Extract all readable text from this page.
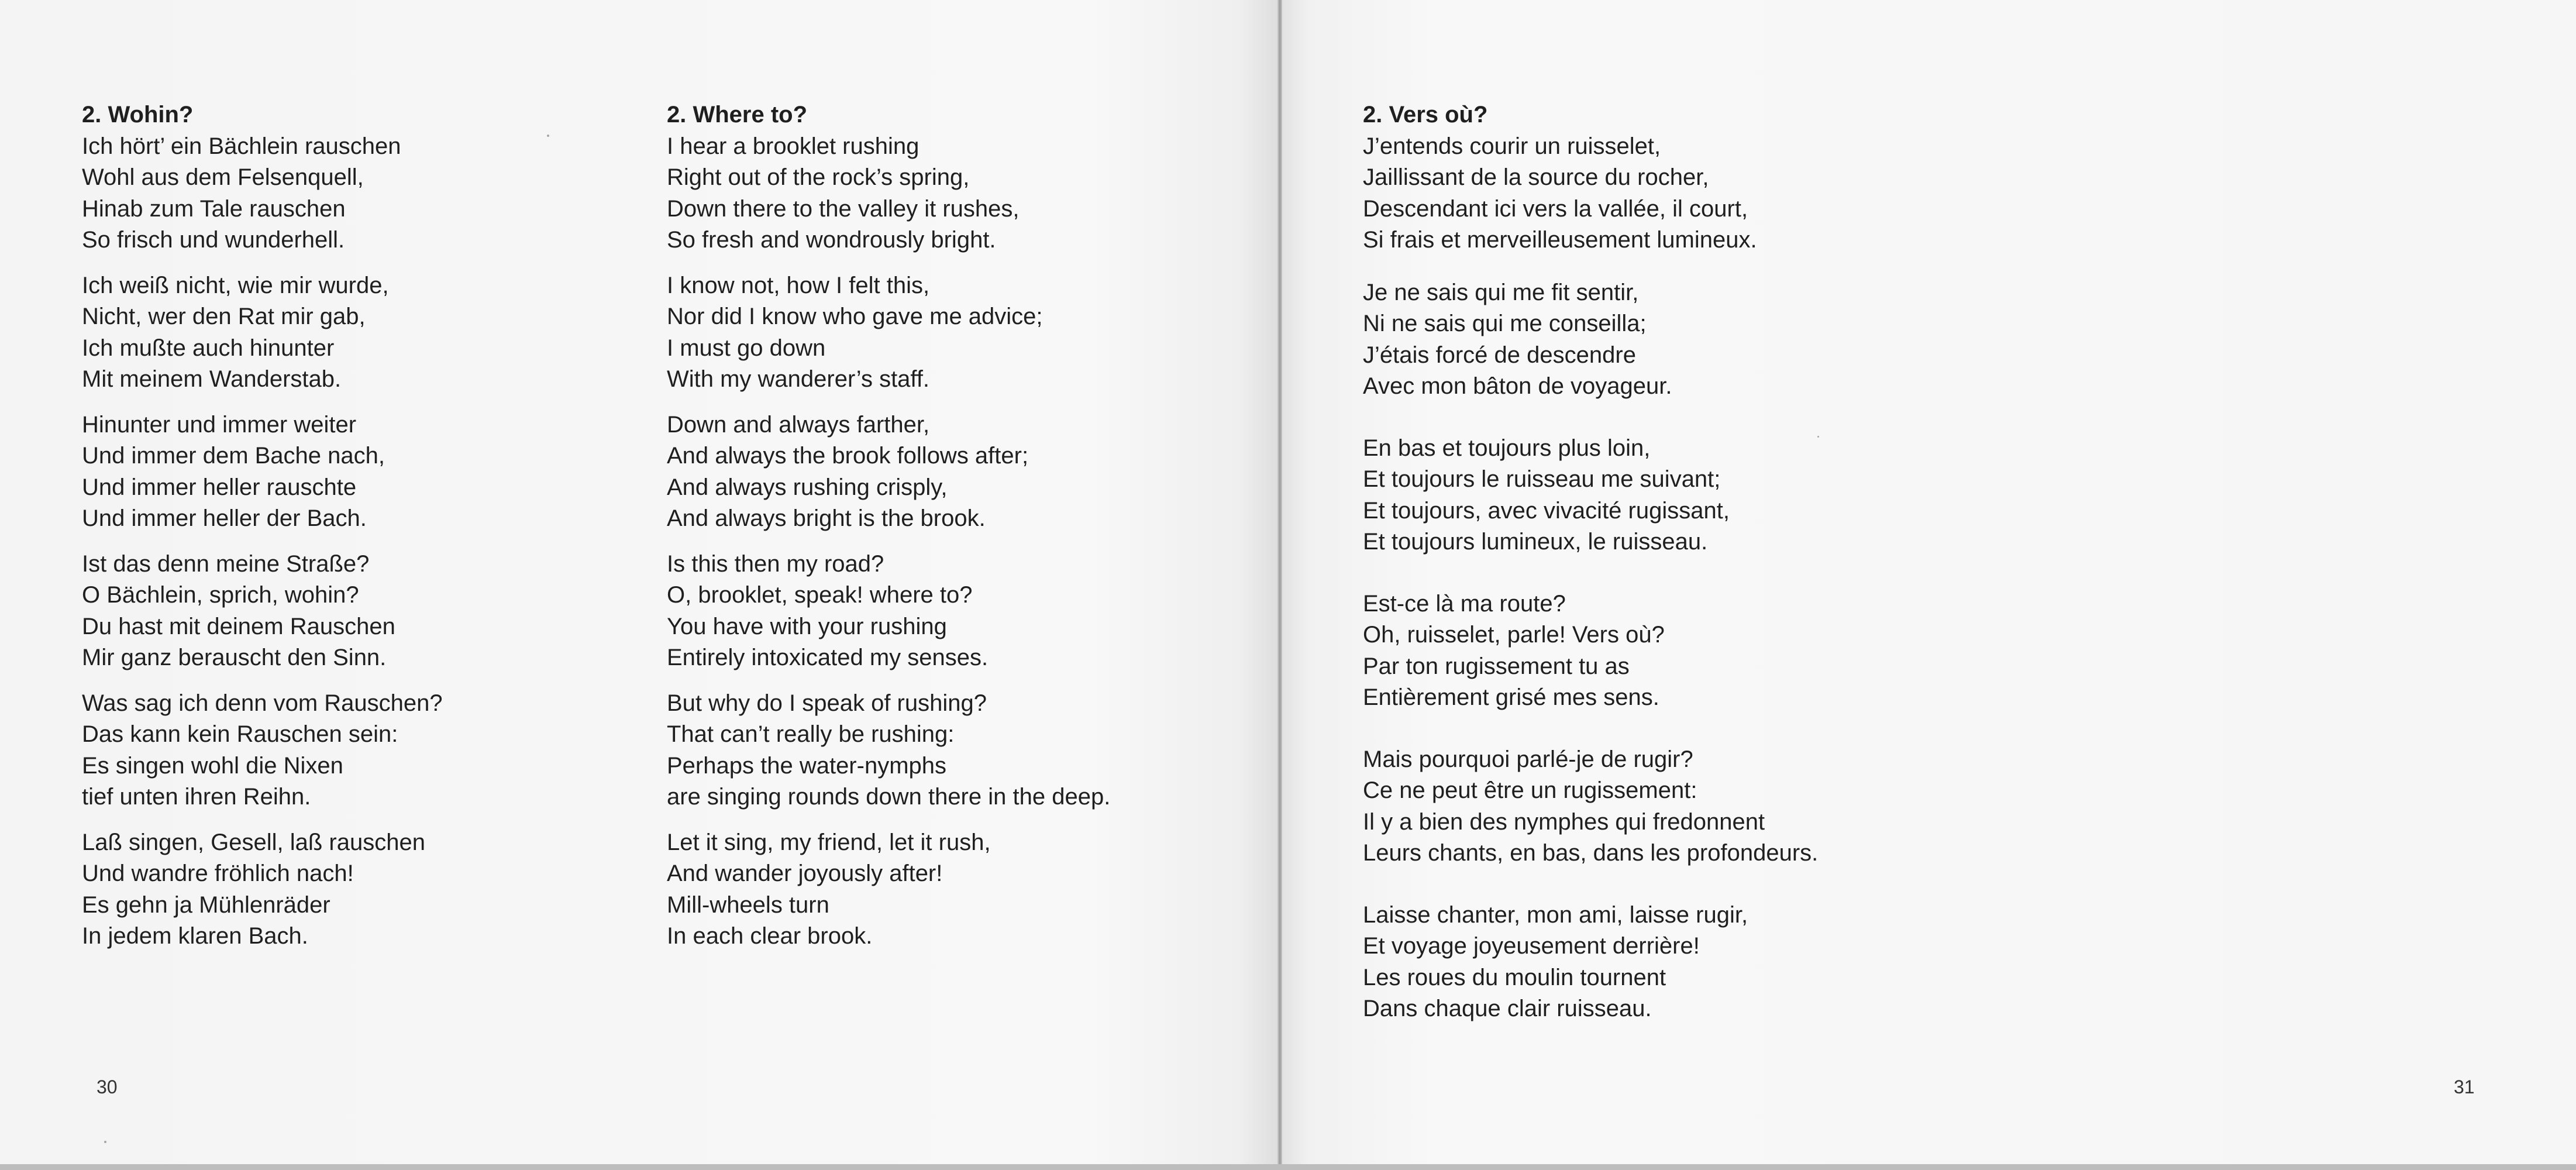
2. Wohin?
Ich hört’ ein Bächlein rauschen
Wohl aus dem Felsenquell,
Hinab zum Tale rauschen
So frisch und wunderhell.
Ich weiß nicht, wie mir wurde,
Nicht, wer den Rat mir gab,
Ich mußte auch hinunter
Mit meinem Wanderstab.
Hinunter und immer weiter
Und immer dem Bache nach,
Und immer heller rauschte
Und immer heller der Bach.
Ist das denn meine Straße?
O Bächlein, sprich, wohin?
Du hast mit deinem Rauschen
Mir ganz berauscht den Sinn.
Was sag ich denn vom Rauschen?
Das kann kein Rauschen sein:
Es singen wohl die Nixen
tief unten ihren Reihn.
Laß singen, Gesell, laß rauschen
Und wandre fröhlich nach!
Es gehn ja Mühlenräder
In jedem klaren Bach.
2. Where to?
I hear a brooklet rushing
Right out of the rock’s spring,
Down there to the valley it rushes,
So fresh and wondrously bright.
I know not, how I felt this,
Nor did I know who gave me advice;
I must go down
With my wanderer’s staff.
Down and always farther,
And always the brook follows after;
And always rushing crisply,
And always bright is the brook.
Is this then my road?
O, brooklet, speak! where to?
You have with your rushing
Entirely intoxicated my senses.
But why do I speak of rushing?
That can’t really be rushing:
Perhaps the water-nymphs
are singing rounds down there in the deep.
Let it sing, my friend, let it rush,
And wander joyously after!
Mill-wheels turn
In each clear brook.
30
2. Vers où?
J’entends courir un ruisselet,
Jaillissant de la source du rocher,
Descendant ici vers la vallée, il court,
Si frais et merveilleusement lumineux.
Je ne sais qui me fit sentir,
Ni ne sais qui me conseilla;
J’étais forcé de descendre
Avec mon bâton de voyageur.
En bas et toujours plus loin,
Et toujours le ruisseau me suivant;
Et toujours, avec vivacité rugissant,
Et toujours lumineux, le ruisseau.
Est-ce là ma route?
Oh, ruisselet, parle! Vers où?
Par ton rugissement tu as
Entièrement grisé mes sens.
Mais pourquoi parlé-je de rugir?
Ce ne peut être un rugissement:
Il y a bien des nymphes qui fredonnent
Leurs chants, en bas, dans les profondeurs.
Laisse chanter, mon ami, laisse rugir,
Et voyage joyeusement derrière!
Les roues du moulin tournent
Dans chaque clair ruisseau.
31
